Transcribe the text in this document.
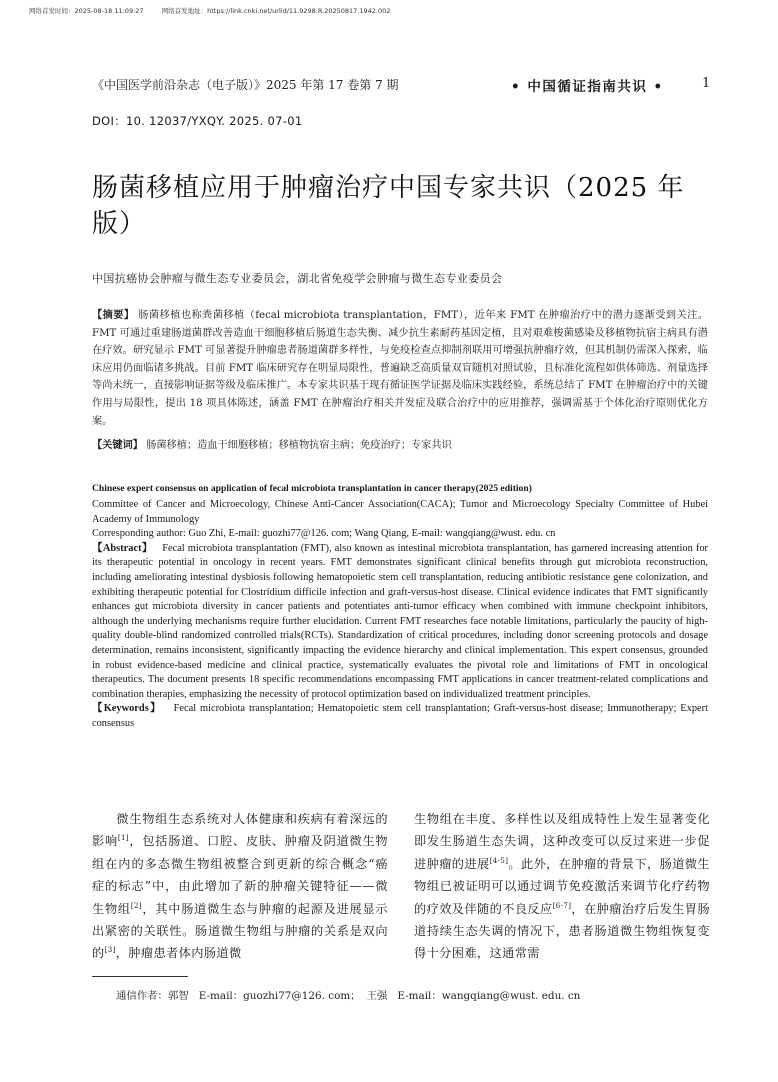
网络首发时间：2025-08-18 11:09:27	网络首发地址：https://link.cnki.net/urlid/11.9298.R.20250817.1942.002
《中国医学前沿杂志（电子版）》2025 年第 17 卷第 7 期	• 中国循证指南共识 •	1
DOI：10. 12037/YXQY. 2025. 07-01
肠菌移植应用于肿瘤治疗中国专家共识（2025 年版）
中国抗癌协会肿瘤与微生态专业委员会，湖北省免疫学会肿瘤与微生态专业委员会
【摘要】 肠菌移植也称粪菌移植（fecal microbiota transplantation，FMT），近年来 FMT 在肿瘤治疗中的潜力逐渐受到关注。FMT 可通过重建肠道菌群改善造血干细胞移植后肠道生态失衡、减少抗生素耐药基因定植，且对艰难梭菌感染及移植物抗宿主病具有潜在疗效。研究显示 FMT 可显著提升肿瘤患者肠道菌群多样性，与免疫检查点抑制剂联用可增强抗肿瘤疗效，但其机制仍需深入探索，临床应用仍面临诸多挑战。目前 FMT 临床研究存在明显局限性，普遍缺乏高质量双盲随机对照试验，且标准化流程如供体筛选、剂量选择等尚未统一，直接影响证据等级及临床推广。本专家共识基于现有循证医学证据及临床实践经验，系统总结了 FMT 在肿瘤治疗中的关键作用与局限性，提出 18 项具体陈述，涵盖 FMT 在肿瘤治疗相关并发症及联合治疗中的应用推荐，强调需基于个体化治疗原则优化方案。
【关键词】 肠菌移植；造血干细胞移植；移植物抗宿主病；免疫治疗；专家共识
Chinese expert consensus on application of fecal microbiota transplantation in cancer therapy(2025 edition)

Committee of Cancer and Microecology, Chinese Anti-Cancer Association(CACA); Tumor and Microecology Specialty Committee of Hubei Academy of Immunology

Corresponding author: Guo Zhi, E-mail: guozhi77@126. com; Wang Qiang, E-mail: wangqiang@wust. edu. cn

【Abstract】 Fecal microbiota transplantation (FMT), also known as intestinal microbiota transplantation, has garnered increasing attention for its therapeutic potential in oncology in recent years. FMT demonstrates significant clinical benefits through gut microbiota reconstruction, including ameliorating intestinal dysbiosis following hematopoietic stem cell transplantation, reducing antibiotic resistance gene colonization, and exhibiting therapeutic potential for Clostridium difficile infection and graft-versus-host disease. Clinical evidence indicates that FMT significantly enhances gut microbiota diversity in cancer patients and potentiates anti-tumor efficacy when combined with immune checkpoint inhibitors, although the underlying mechanisms require further elucidation. Current FMT researches face notable limitations, particularly the paucity of high-quality double-blind randomized controlled trials(RCTs). Standardization of critical procedures, including donor screening protocols and dosage determination, remains inconsistent, significantly impacting the evidence hierarchy and clinical implementation. This expert consensus, grounded in robust evidence-based medicine and clinical practice, systematically evaluates the pivotal role and limitations of FMT in oncological therapeutics. The document presents 18 specific recommendations encompassing FMT applications in cancer treatment-related complications and combination therapies, emphasizing the necessity of protocol optimization based on individualized treatment principles.

【Keywords】 Fecal microbiota transplantation; Hematopoietic stem cell transplantation; Graft-versus-host disease; Immunotherapy; Expert consensus

微生物组生态系统对人体健康和疾病有着深远的影响[1]，包括肠道、口腔、皮肤、肿瘤及阴道微生物组在内的多态微生物组被整合到更新的综合概念“癌症的标志”中，由此增加了新的肿瘤关键特征——微生物组[2]，其中肠道微生态与肿瘤的起源及进展显示出紧密的关联性。肠道微生物组与肿瘤的关系是双向的[3]，肿瘤患者体内肠道微

生物组在丰度、多样性以及组成特性上发生显著变化即发生肠道生态失调，这种改变可以反过来进一步促进肿瘤的进展[4-5]。此外，在肿瘤的背景下，肠道微生物组已被证明可以通过调节免疫激活来调节化疗药物的疗效及伴随的不良反应[6-7]，在肿瘤治疗后发生胃肠道持续生态失调的情况下，患者肠道微生物组恢复变得十分困难，这通常需

通信作者：郭智 E-mail：guozhi77@126. com； 王强 E-mail：wangqiang@wust. edu. cn
